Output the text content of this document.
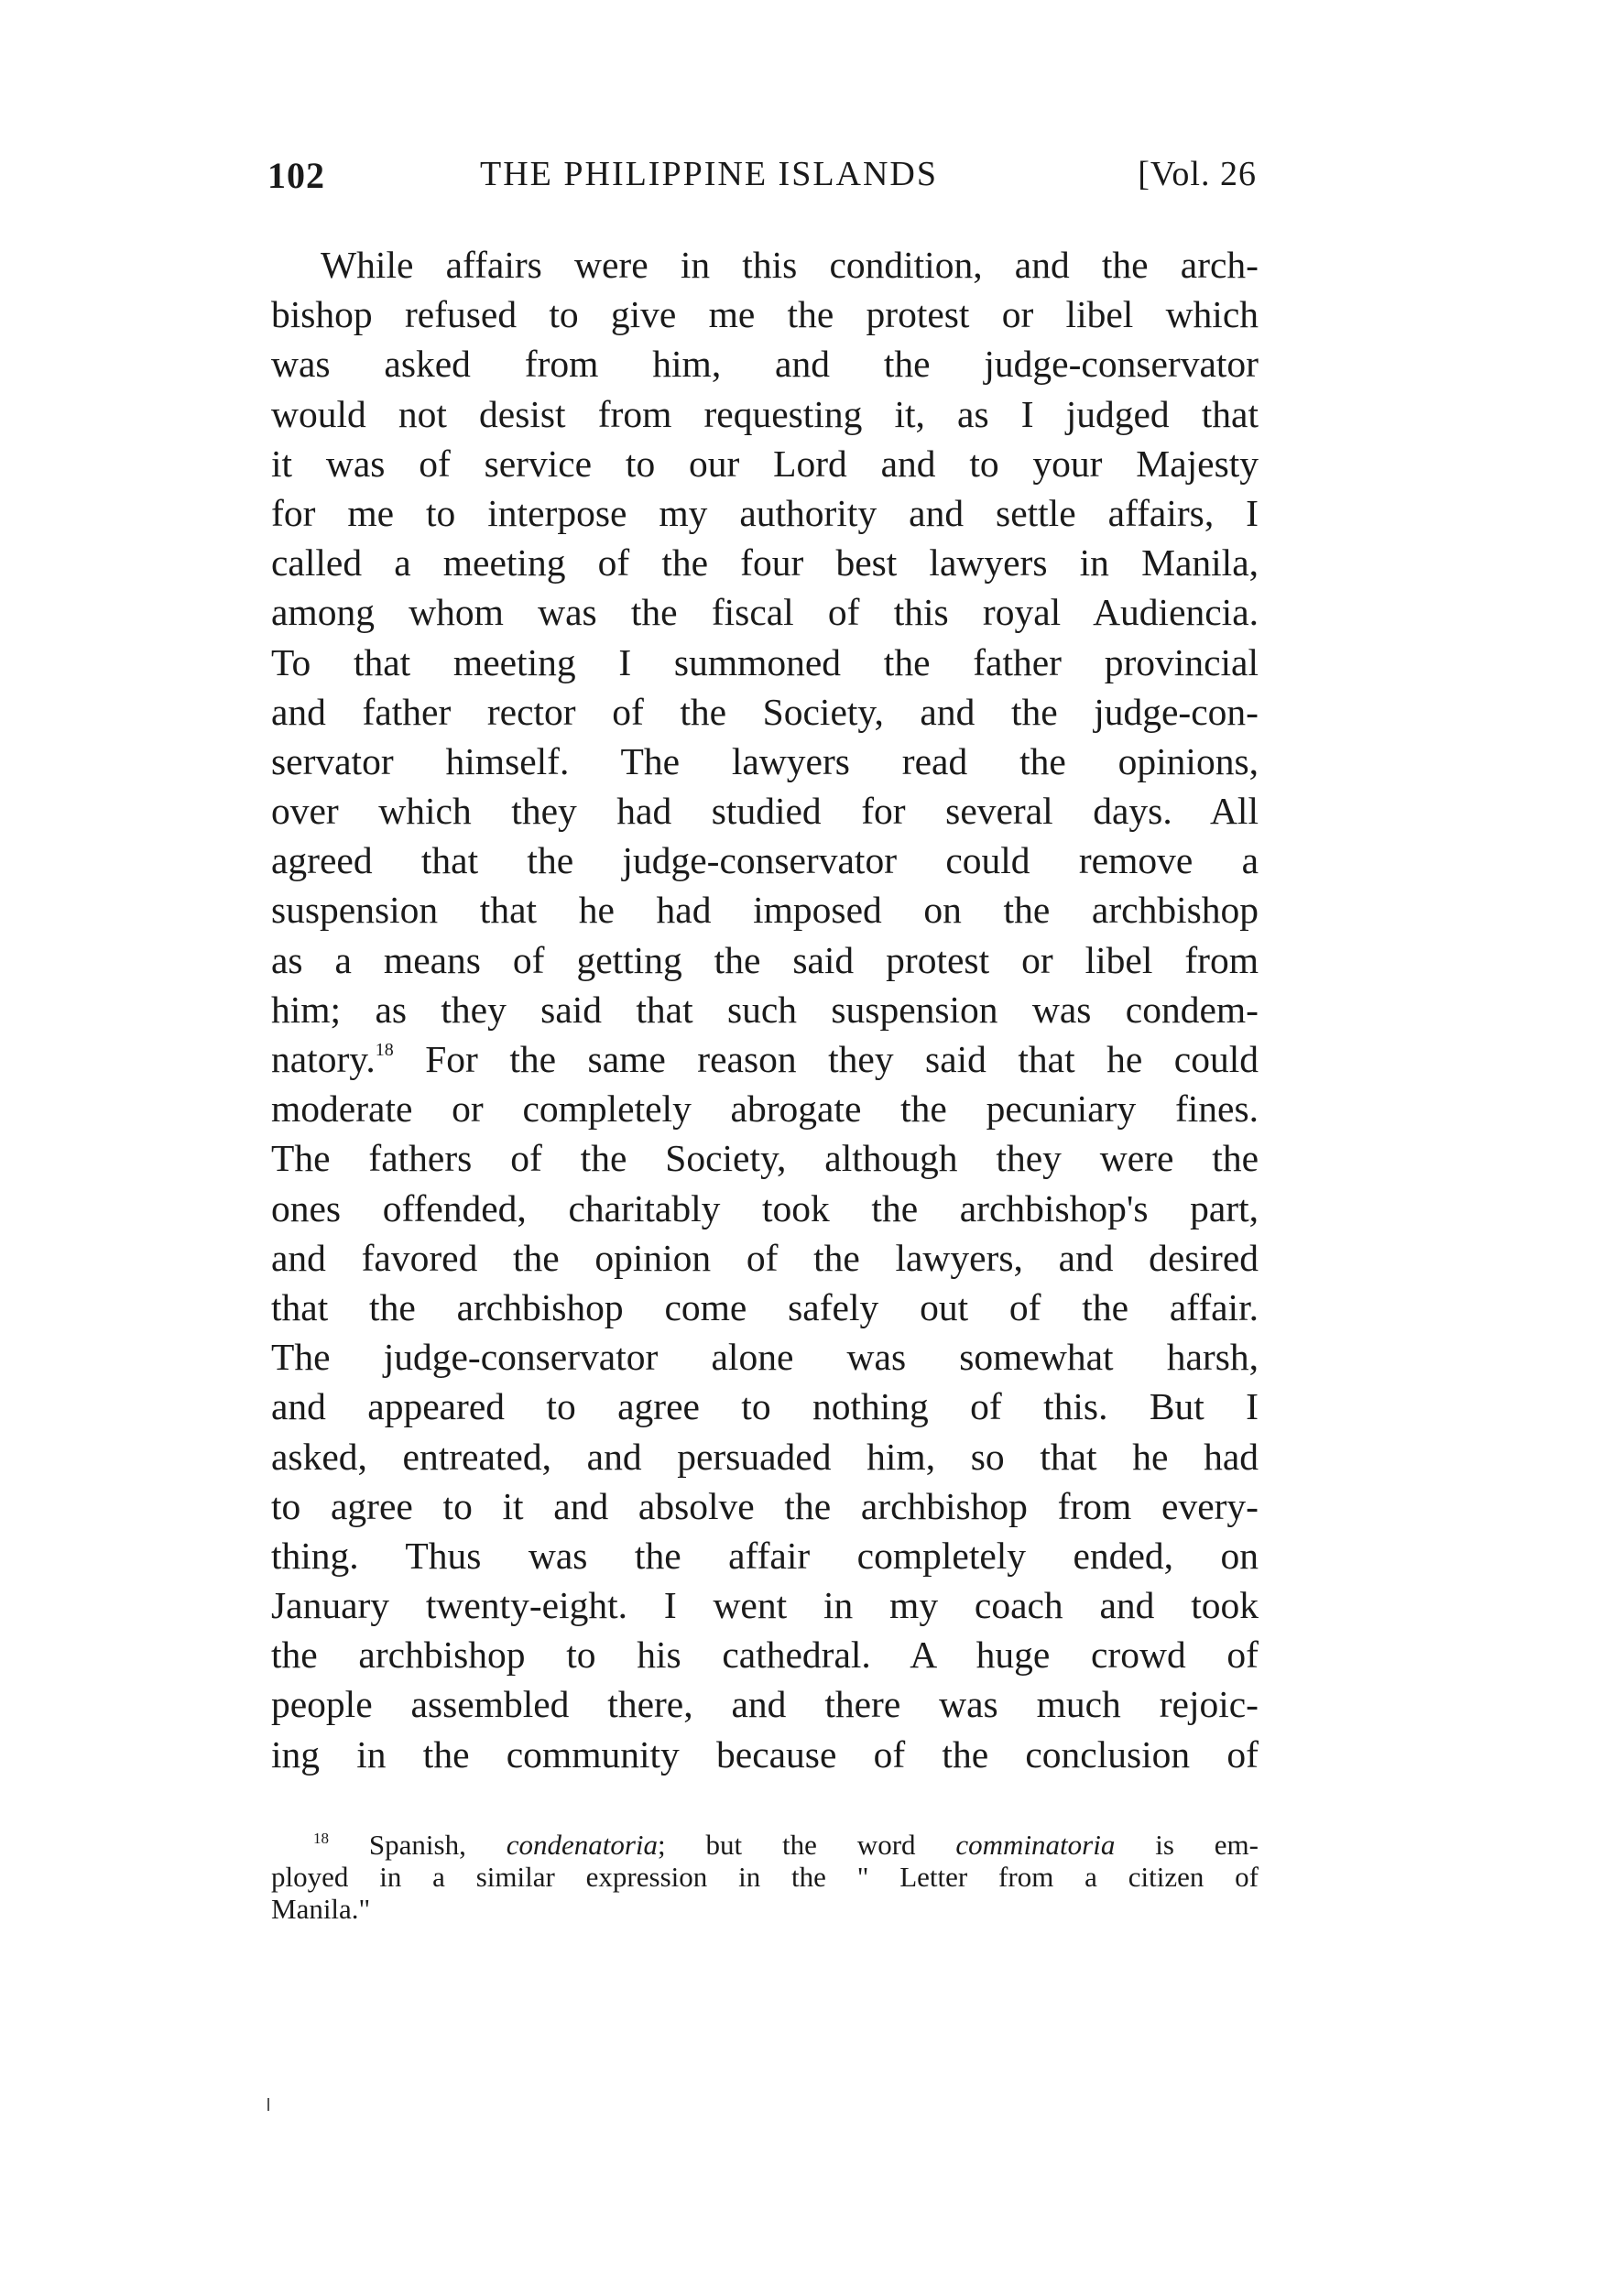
102	THE PHILIPPINE ISLANDS	[Vol. 26
While affairs were in this condition, and the arch-
bishop refused to give me the protest or libel which
was asked from him, and the judge-conservator
would not desist from requesting it, as I judged that
it was of service to our Lord and to your Majesty
for me to interpose my authority and settle affairs, I
called a meeting of the four best lawyers in Manila,
among whom was the fiscal of this royal Audiencia.
To that meeting I summoned the father provincial
and father rector of the Society, and the judge-con-
servator himself. The lawyers read the opinions,
over which they had studied for several days. All
agreed that the judge-conservator could remove a
suspension that he had imposed on the archbishop
as a means of getting the said protest or libel from
him; as they said that such suspension was condem-
natory.$^{18}$ For the same reason they said that he could
moderate or completely abrogate the pecuniary fines.
The fathers of the Society, although they were the
ones offended, charitably took the archbishop's part,
and favored the opinion of the lawyers, and desired
that the archbishop come safely out of the affair.
The judge-conservator alone was somewhat harsh,
and appeared to agree to nothing of this. But I
asked, entreated, and persuaded him, so that he had
to agree to it and absolve the archbishop from every-
thing. Thus was the affair completely ended, on
January twenty-eight. I went in my coach and took
the archbishop to his cathedral. A huge crowd of
people assembled there, and there was much rejoic-
ing in the community because of the conclusion of
$^{18}$ Spanish, condenatoria; but the word comminatoria is em-
ployed in a similar expression in the " Letter from a citizen of
Manila."
